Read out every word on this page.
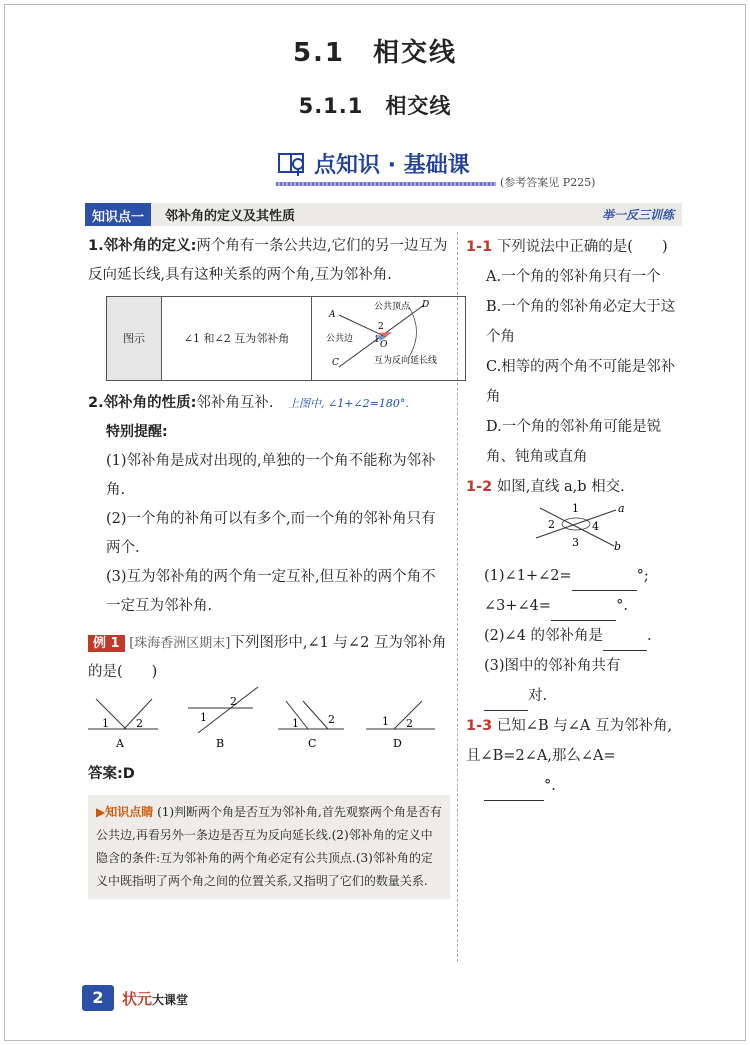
5.1　相交线
5.1.1　相交线
点知识 · 基础课
(参考答案见 P225)
知识点一	邻补角的定义及其性质	举一反三训练

1.邻补角的定义:两个角有一条公共边,它们的另一边互为反向延长线,具有这种关系的两个角,互为邻补角.

图示	∠1 和∠2 互为邻补角	
A
C
D
O
1
2
公共顶点
公共边
互为反向延长线

2.邻补角的性质:邻补角互补.　 上图中, ∠1+∠2=180°.

特别提醒:

(1)邻补角是成对出现的,单独的一个角不能称为邻补角.

(2)一个角的补角可以有多个,而一个角的邻补角只有两个.

(3)互为邻补角的两个角一定互补,但互补的两个角不一定互为邻补角.

例 1 [珠海香洲区期末]下列图形中,∠1 与∠2 互为邻补角的是(　　)

1 2
A
1
2
B
1	2
C
1 2
D

答案:D

▶知识点睛 (1)判断两个角是否互为邻补角,首先观察两个角是否有公共边,再看另外一条边是否互为反向延长线.(2)邻补角的定义中隐含的条件:互为邻补角的两个角必定有公共顶点.(3)邻补角的定义中既指明了两个角之间的位置关系,又指明了它们的数量关系.

1-1 下列说法中正确的是(　　)

A.一个角的邻补角只有一个

B.一个角的邻补角必定大于这个角

C.相等的两个角不可能是邻补角

D.一个角的邻补角可能是锐角、钝角或直角

1-2 如图,直线 a,b 相交.

1
2
3
4
a
b

(1)∠1+∠2=	°;

∠3+∠4=	°.

(2)∠4 的邻补角是	.

(3)图中的邻补角共有

对.

1-3 已知∠B 与∠A 互为邻补角,且∠B=2∠A,那么∠A=

°.

2	状元大课堂
